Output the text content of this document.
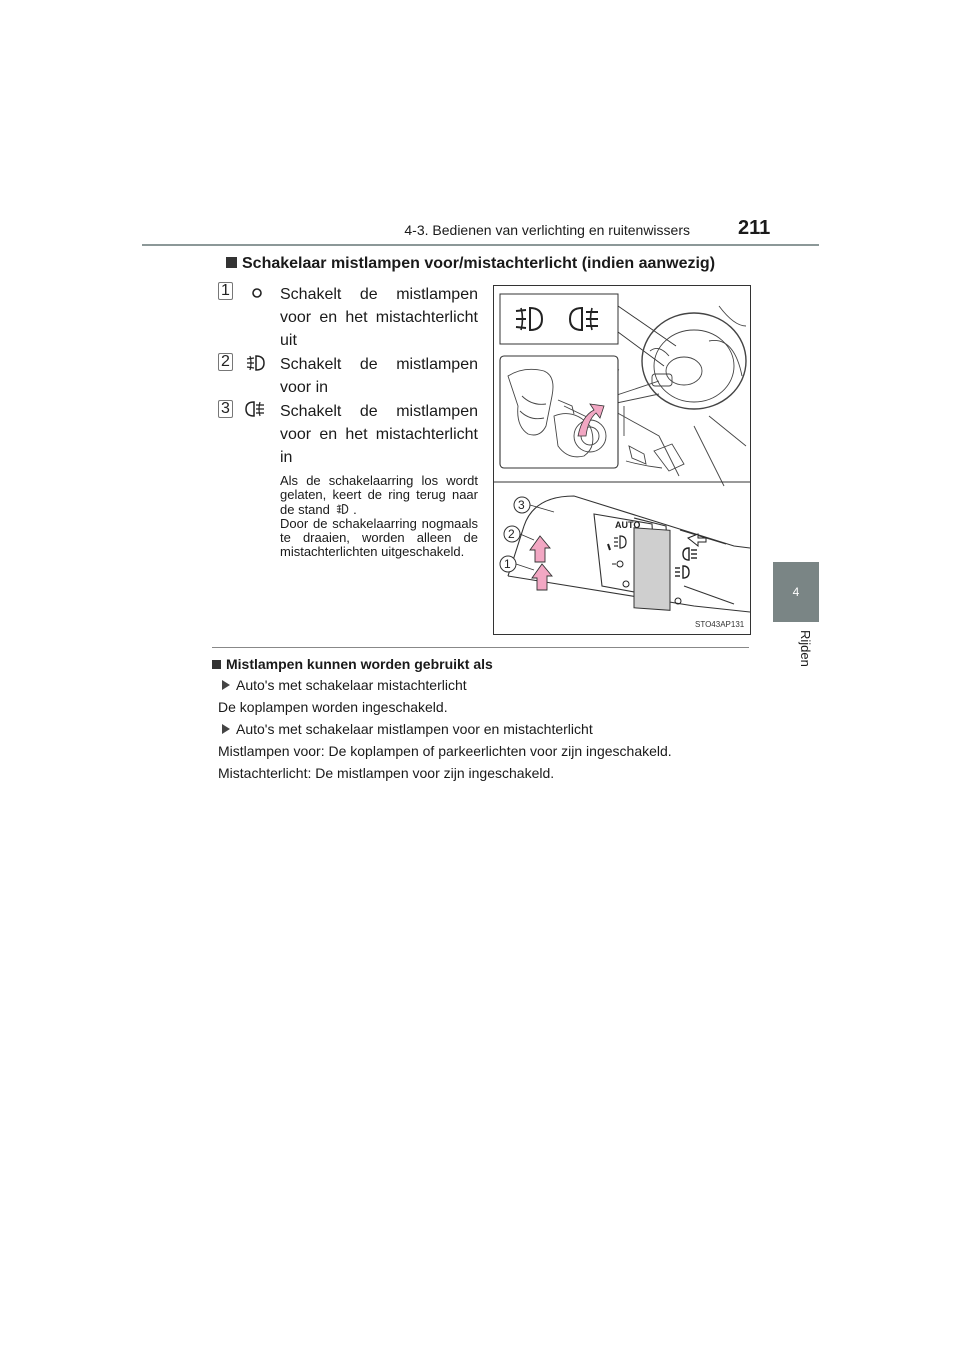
4-3. Bedienen van verlichting en ruitenwissers 211
4
Rijden
Schakelaar mistlampen voor/mistachterlicht (indien aanwezig)
1	Schakelt de mistlampen voor en het mistachterlicht uit
2	Schakelt de mistlampen voor in
3	Schakelt de mistlampen voor en het mistachterlicht in
Als de schakelaarring los wordt gelaten, keert de ring terug naar de stand .
Door de schakelaarring nogmaals te draaien, worden alleen de mistachterlichten uitgeschakeld.
AUTO
3
2
1
STO43AP131
Mistlampen kunnen worden gebruikt als
Auto's met schakelaar mistachterlicht
De koplampen worden ingeschakeld.
Auto's met schakelaar mistlampen voor en mistachterlicht
Mistlampen voor: De koplampen of parkeerlichten voor zijn ingeschakeld.
Mistachterlicht: De mistlampen voor zijn ingeschakeld.
